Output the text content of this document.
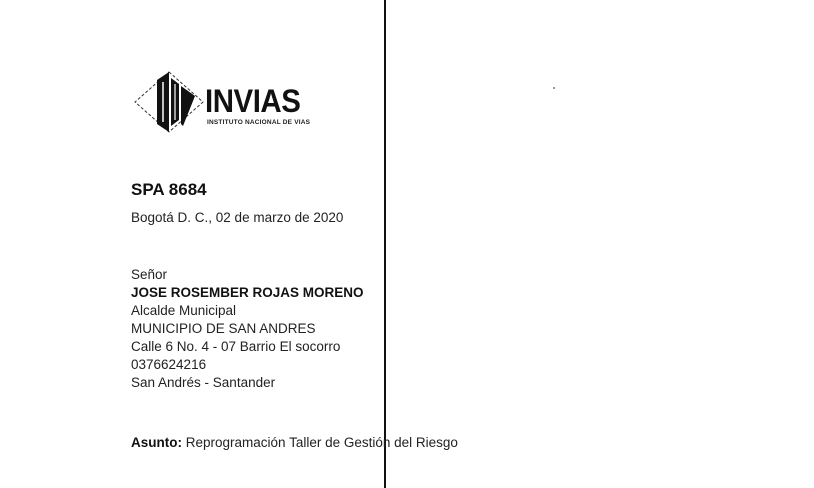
INVIAS
INSTITUTO NACIONAL DE VIAS
SPA 8684
Bogotá D. C., 02 de marzo de 2020
Señor
JOSE ROSEMBER ROJAS MORENO
Alcalde Municipal
MUNICIPIO DE SAN ANDRES
Calle 6 No. 4 - 07 Barrio El socorro
0376624216
San Andrés - Santander
Asunto: Reprogramación Taller de Gestión del Riesgo
